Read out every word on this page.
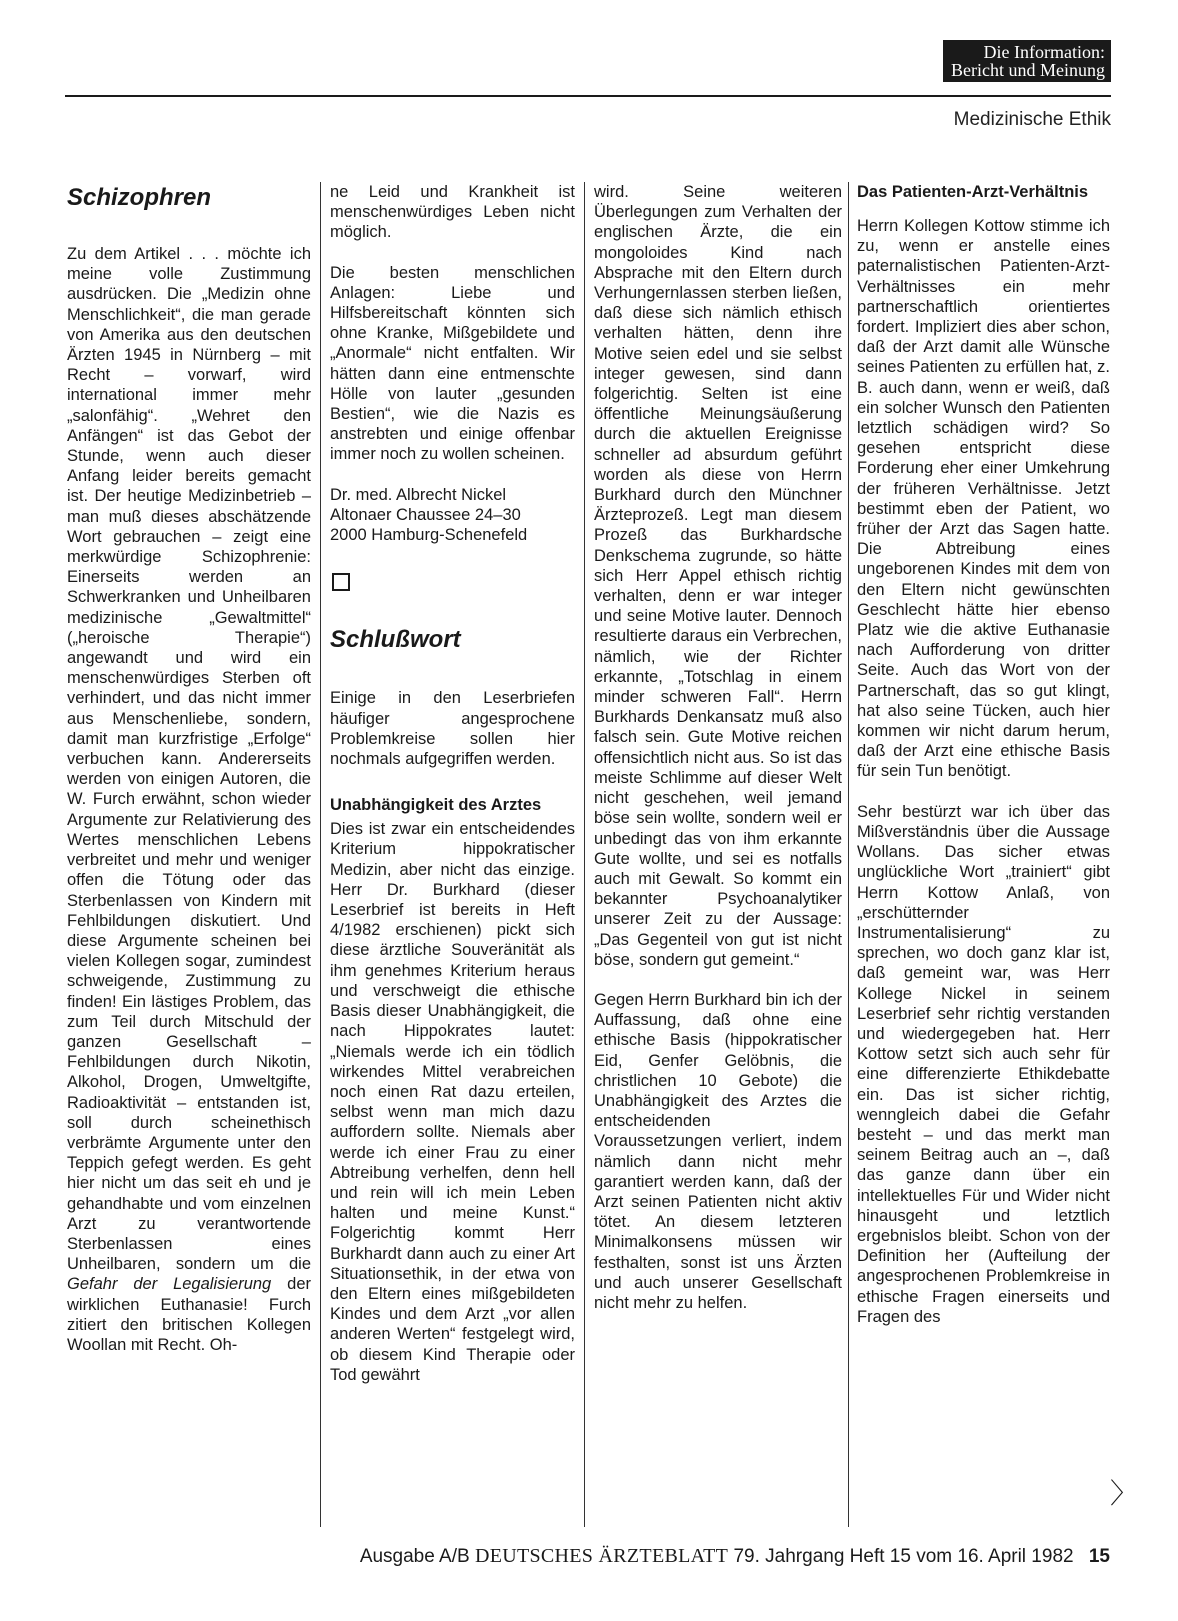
Die Information:
Bericht und Meinung
Medizinische Ethik
Schizophren

Zu dem Artikel . . . möchte ich meine volle Zustimmung ausdrücken. Die „Medizin ohne Menschlichkeit“, die man gerade von Amerika aus den deutschen Ärzten 1945 in Nürnberg – mit Recht – vorwarf, wird international immer mehr „salonfähig“. „Wehret den Anfängen“ ist das Gebot der Stunde, wenn auch dieser Anfang leider bereits gemacht ist. Der heutige Medizinbetrieb – man muß dieses abschätzende Wort gebrauchen – zeigt eine merkwürdige Schizophrenie: Einerseits werden an Schwerkranken und Unheilbaren medizinische „Gewaltmittel“ („heroische Therapie“) angewandt und wird ein menschenwürdiges Sterben oft verhindert, und das nicht immer aus Menschenliebe, sondern, damit man kurzfristige „Erfolge“ verbuchen kann. Andererseits werden von einigen Autoren, die W. Furch erwähnt, schon wieder Argumente zur Relativierung des Wertes menschlichen Lebens verbreitet und mehr und weniger offen die Tötung oder das Sterbenlassen von Kindern mit Fehlbildungen diskutiert. Und diese Argumente scheinen bei vielen Kollegen sogar, zumindest schweigende, Zustimmung zu finden! Ein lästiges Problem, das zum Teil durch Mitschuld der ganzen Gesellschaft – Fehlbildungen durch Nikotin, Alkohol, Drogen, Umweltgifte, Radioaktivität – entstanden ist, soll durch scheinethisch verbrämte Argumente unter den Teppich gefegt werden. Es geht hier nicht um das seit eh und je gehandhabte und vom einzelnen Arzt zu verantwortende Sterbenlassen eines Unheilbaren, sondern um die Gefahr der Legalisierung der wirklichen Euthanasie! Furch zitiert den britischen Kollegen Woollan mit Recht. Oh-

ne Leid und Krankheit ist menschenwürdiges Leben nicht möglich.

Die besten menschlichen Anlagen: Liebe und Hilfsbereitschaft könnten sich ohne Kranke, Mißgebildete und „Anormale“ nicht entfalten. Wir hätten dann eine entmenschte Hölle von lauter „gesunden Bestien“, wie die Nazis es anstrebten und einige offenbar immer noch zu wollen scheinen.

Dr. med. Albrecht Nickel
Altonaer Chaussee 24–30
2000 Hamburg-Schenefeld
Schlußwort

Einige in den Leserbriefen häufiger angesprochene Problemkreise sollen hier nochmals aufgegriffen werden.

Unabhängigkeit des Arztes

Dies ist zwar ein entscheidendes Kriterium hippokratischer Medizin, aber nicht das einzige. Herr Dr. Burkhard (dieser Leserbrief ist bereits in Heft 4/1982 erschienen) pickt sich diese ärztliche Souveränität als ihm genehmes Kriterium heraus und verschweigt die ethische Basis dieser Unabhängigkeit, die nach Hippokrates lautet: „Niemals werde ich ein tödlich wirkendes Mittel verabreichen noch einen Rat dazu erteilen, selbst wenn man mich dazu auffordern sollte. Niemals aber werde ich einer Frau zu einer Abtreibung verhelfen, denn hell und rein will ich mein Leben halten und meine Kunst.“ Folgerichtig kommt Herr Burkhardt dann auch zu einer Art Situationsethik, in der etwa von den Eltern eines mißgebildeten Kindes und dem Arzt „vor allen anderen Werten“ festgelegt wird, ob diesem Kind Therapie oder Tod gewährt

wird. Seine weiteren Überlegungen zum Verhalten der englischen Ärzte, die ein mongoloides Kind nach Absprache mit den Eltern durch Verhungernlassen sterben ließen, daß diese sich nämlich ethisch verhalten hätten, denn ihre Motive seien edel und sie selbst integer gewesen, sind dann folgerichtig. Selten ist eine öffentliche Meinungsäußerung durch die aktuellen Ereignisse schneller ad absurdum geführt worden als diese von Herrn Burkhard durch den Münchner Ärzteprozeß. Legt man diesem Prozeß das Burkhardsche Denkschema zugrunde, so hätte sich Herr Appel ethisch richtig verhalten, denn er war integer und seine Motive lauter. Dennoch resultierte daraus ein Verbrechen, nämlich, wie der Richter erkannte, „Totschlag in einem minder schweren Fall“. Herrn Burkhards Denkansatz muß also falsch sein. Gute Motive reichen offensichtlich nicht aus. So ist das meiste Schlimme auf dieser Welt nicht geschehen, weil jemand böse sein wollte, sondern weil er unbedingt das von ihm erkannte Gute wollte, und sei es notfalls auch mit Gewalt. So kommt ein bekannter Psychoanalytiker unserer Zeit zu der Aussage: „Das Gegenteil von gut ist nicht böse, sondern gut gemeint.“

Gegen Herrn Burkhard bin ich der Auffassung, daß ohne eine ethische Basis (hippokratischer Eid, Genfer Gelöbnis, die christlichen 10 Gebote) die Unabhängigkeit des Arztes die entscheidenden Voraussetzungen verliert, indem nämlich dann nicht mehr garantiert werden kann, daß der Arzt seinen Patienten nicht aktiv tötet. An diesem letzteren Minimalkonsens müssen wir festhalten, sonst ist uns Ärzten und auch unserer Gesellschaft nicht mehr zu helfen.

Das Patienten-Arzt-Verhältnis

Herrn Kollegen Kottow stimme ich zu, wenn er anstelle eines paternalistischen Patienten-Arzt-Verhältnisses ein mehr partnerschaftlich orientiertes fordert. Impliziert dies aber schon, daß der Arzt damit alle Wünsche seines Patienten zu erfüllen hat, z. B. auch dann, wenn er weiß, daß ein solcher Wunsch den Patienten letztlich schädigen wird? So gesehen entspricht diese Forderung eher einer Umkehrung der früheren Verhältnisse. Jetzt bestimmt eben der Patient, wo früher der Arzt das Sagen hatte. Die Abtreibung eines ungeborenen Kindes mit dem von den Eltern nicht gewünschten Geschlecht hätte hier ebenso Platz wie die aktive Euthanasie nach Aufforderung von dritter Seite. Auch das Wort von der Partnerschaft, das so gut klingt, hat also seine Tücken, auch hier kommen wir nicht darum herum, daß der Arzt eine ethische Basis für sein Tun benötigt.

Sehr bestürzt war ich über das Mißverständnis über die Aussage Wollans. Das sicher etwas unglückliche Wort „trainiert“ gibt Herrn Kottow Anlaß, von „erschütternder Instrumentalisierung“ zu sprechen, wo doch ganz klar ist, daß gemeint war, was Herr Kollege Nickel in seinem Leserbrief sehr richtig verstanden und wiedergegeben hat. Herr Kottow setzt sich auch sehr für eine differenzierte Ethikdebatte ein. Das ist sicher richtig, wenngleich dabei die Gefahr besteht – und das merkt man seinem Beitrag auch an –, daß das ganze dann über ein intellektuelles Für und Wider nicht hinausgeht und letztlich ergebnislos bleibt. Schon von der Definition her (Aufteilung der angesprochenen Problemkreise in ethische Fragen einerseits und Fragen des

〉
Ausgabe A/B DEUTSCHES ÄRZTEBLATT 79. Jahrgang Heft 15 vom 16. April 1982 15
